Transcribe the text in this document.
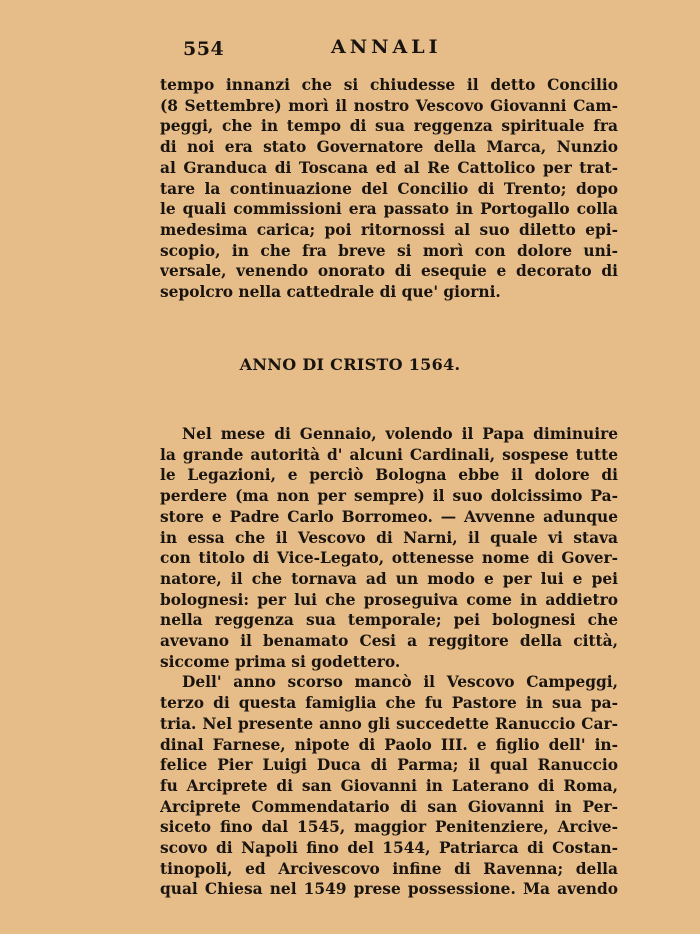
554	ANNALI
tempo innanzi che si chiudesse il detto Concilio
(8 Settembre) morì il nostro Vescovo Giovanni Cam-
peggi, che in tempo di sua reggenza spirituale fra
di noi era stato Governatore della Marca, Nunzio
al Granduca di Toscana ed al Re Cattolico per trat-
tare la continuazione del Concilio di Trento; dopo
le quali commissioni era passato in Portogallo colla
medesima carica; poi ritornossi al suo diletto epi-
scopio, in che fra breve si morì con dolore uni-
versale, venendo onorato di esequie e decorato di
sepolcro nella cattedrale di que' giorni.
ANNO DI CRISTO 1564.
Nel mese di Gennaio, volendo il Papa diminuire
la grande autorità d' alcuni Cardinali, sospese tutte
le Legazioni, e perciò Bologna ebbe il dolore di
perdere (ma non per sempre) il suo dolcissimo Pa-
store e Padre Carlo Borromeo. — Avvenne adunque
in essa che il Vescovo di Narni, il quale vi stava
con titolo di Vice-Legato, ottenesse nome di Gover-
natore, il che tornava ad un modo e per lui e pei
bolognesi: per lui che proseguiva come in addietro
nella reggenza sua temporale; pei bolognesi che
avevano il benamato Cesi a reggitore della città,
siccome prima si godettero.
Dell' anno scorso mancò il Vescovo Campeggi,
terzo di questa famiglia che fu Pastore in sua pa-
tria. Nel presente anno gli succedette Ranuccio Car-
dinal Farnese, nipote di Paolo III. e figlio dell' in-
felice Pier Luigi Duca di Parma; il qual Ranuccio
fu Arciprete di san Giovanni in Laterano di Roma,
Arciprete Commendatario di san Giovanni in Per-
siceto fino dal 1545, maggior Penitenziere, Arcive-
scovo di Napoli fino del 1544, Patriarca di Costan-
tinopoli, ed Arcivescovo infine di Ravenna; della
qual Chiesa nel 1549 prese possessione. Ma avendo
